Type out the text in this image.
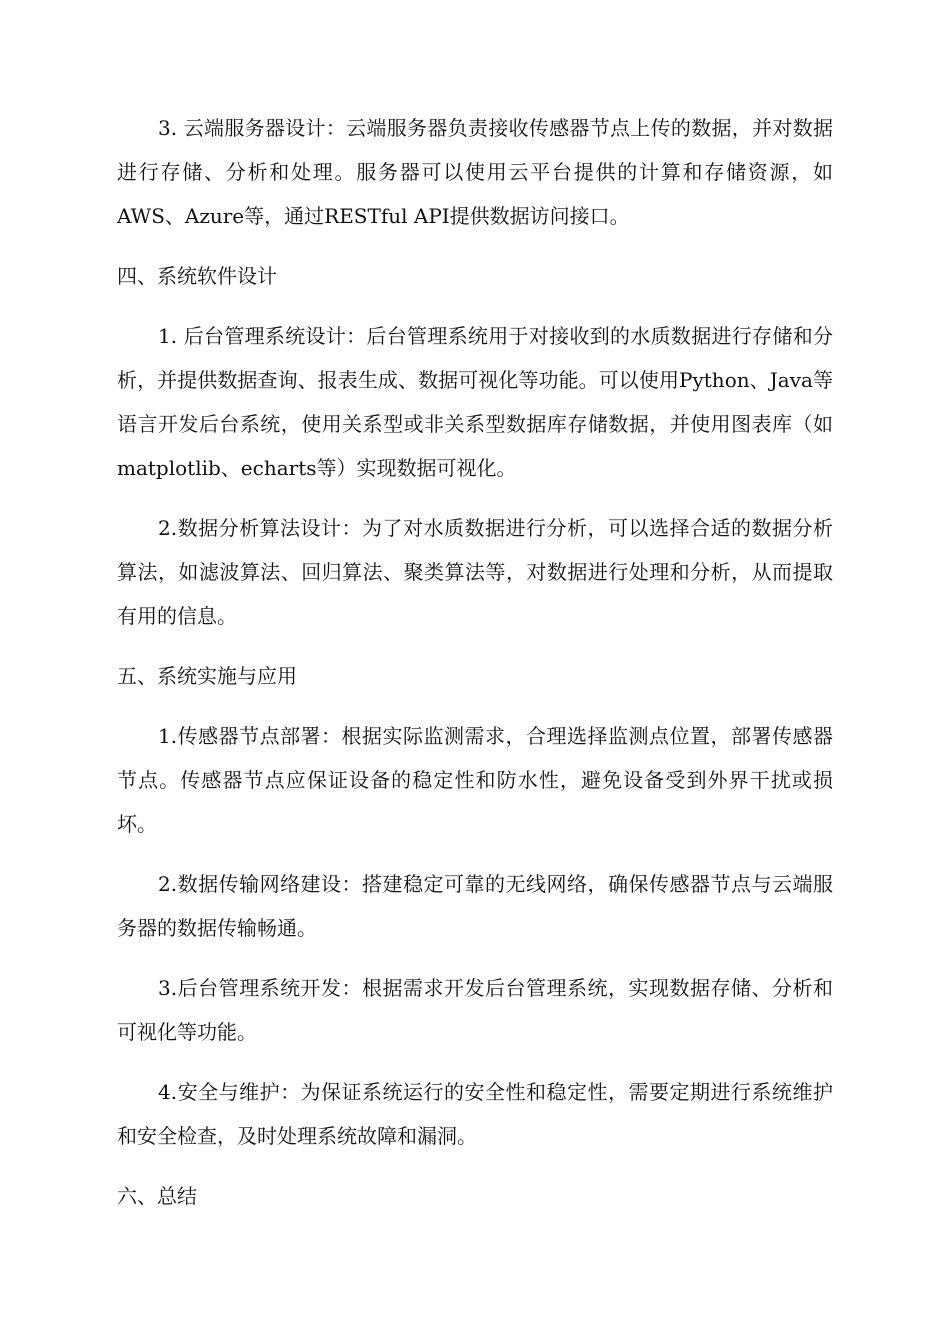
3. 云端服务器设计：云端服务器负责接收传感器节点上传的数据，并对数据进行存储、分析和处理。服务器可以使用云平台提供的计算和存储资源，如AWS、Azure等，通过RESTful API提供数据访问接口。

四、系统软件设计

1. 后台管理系统设计：后台管理系统用于对接收到的水质数据进行存储和分析，并提供数据查询、报表生成、数据可视化等功能。可以使用Python、Java等语言开发后台系统，使用关系型或非关系型数据库存储数据，并使用图表库（如matplotlib、echarts等）实现数据可视化。

2.数据分析算法设计：为了对水质数据进行分析，可以选择合适的数据分析算法，如滤波算法、回归算法、聚类算法等，对数据进行处理和分析，从而提取有用的信息。

五、系统实施与应用

1.传感器节点部署：根据实际监测需求，合理选择监测点位置，部署传感器节点。传感器节点应保证设备的稳定性和防水性，避免设备受到外界干扰或损坏。

2.数据传输网络建设：搭建稳定可靠的无线网络，确保传感器节点与云端服务器的数据传输畅通。

3.后台管理系统开发：根据需求开发后台管理系统，实现数据存储、分析和可视化等功能。

4.安全与维护：为保证系统运行的安全性和稳定性，需要定期进行系统维护和安全检查，及时处理系统故障和漏洞。

六、总结
